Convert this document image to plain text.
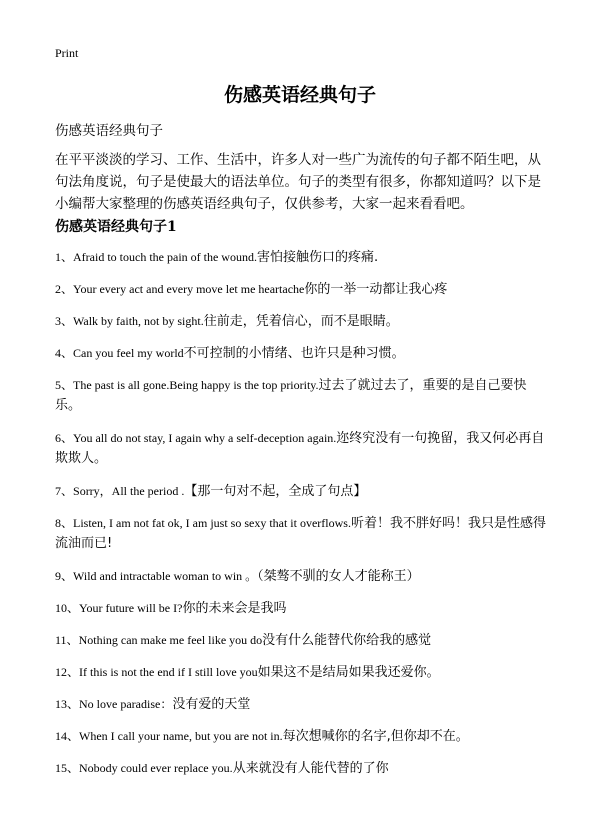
Print
伤感英语经典句子

伤感英语经典句子

在平平淡淡的学习、工作、生活中，许多人对一些广为流传的句子都不陌生吧，从句法角度说，句子是使最大的语法单位。句子的类型有很多，你都知道吗？以下是小编帮大家整理的伤感英语经典句子，仅供参考，大家一起来看看吧。

伤感英语经典句子1
1、Afraid to touch the pain of the wound.害怕接触伤口的疼痛.
2、Your every act and every move let me heartache你的一举一动都让我心疼
3、Walk by faith, not by sight.往前走，凭着信心，而不是眼睛。
4、Can you feel my world不可控制的小情绪、也许只是种习惯。
5、The past is all gone.Being happy is the top priority.过去了就过去了，重要的是自己要快乐。
6、You all do not stay, I again why a self-deception again.迩终究没有一句挽留，我又何必再自欺欺人。
7、Sorry，All the period .【那一句对不起，全成了句点】
8、Listen, I am not fat ok, I am just so sexy that it overflows.听着！我不胖好吗！我只是性感得流油而已!
9、Wild and intractable woman to win 。（桀骜不驯的女人才能称王）
10、Your future will be I?你的未来会是我吗
11、Nothing can make me feel like you do没有什么能替代你给我的感觉
12、If this is not the end if I still love you如果这不是结局如果我还爱你。
13、No love paradise：没有爱的天堂
14、When I call your name, but you are not in.每次想喊你的名字,但你却不在。
15、Nobody could ever replace you.从来就没有人能代替的了你
